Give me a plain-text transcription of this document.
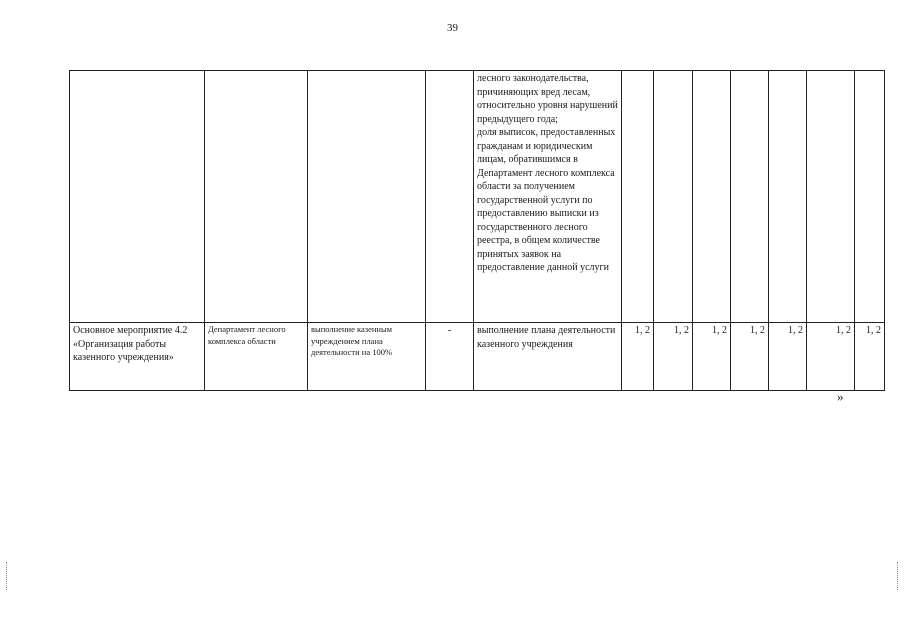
39
				лесного законодательства, причиняющих вред лесам, относительно уровня нарушений предыдущего года;
доля выписок, предоставленных гражданам и юридическим лицам, обратившимся в Департамент лесного комплекса области за получением государственной услуги по предоставлению выписки из государственного лесного реестра, в общем количестве принятых заявок на предоставление данной услуги							
Основное мероприятие 4.2 «Организация работы казенного учреждения»	Департамент лесного комплекса области	выполнение казенным учреждением плана деятельности на 100%	-	выполнение плана деятельности казенного учреждения	1, 2	1, 2	1, 2	1, 2	1, 2	1, 2	1, 2
»
